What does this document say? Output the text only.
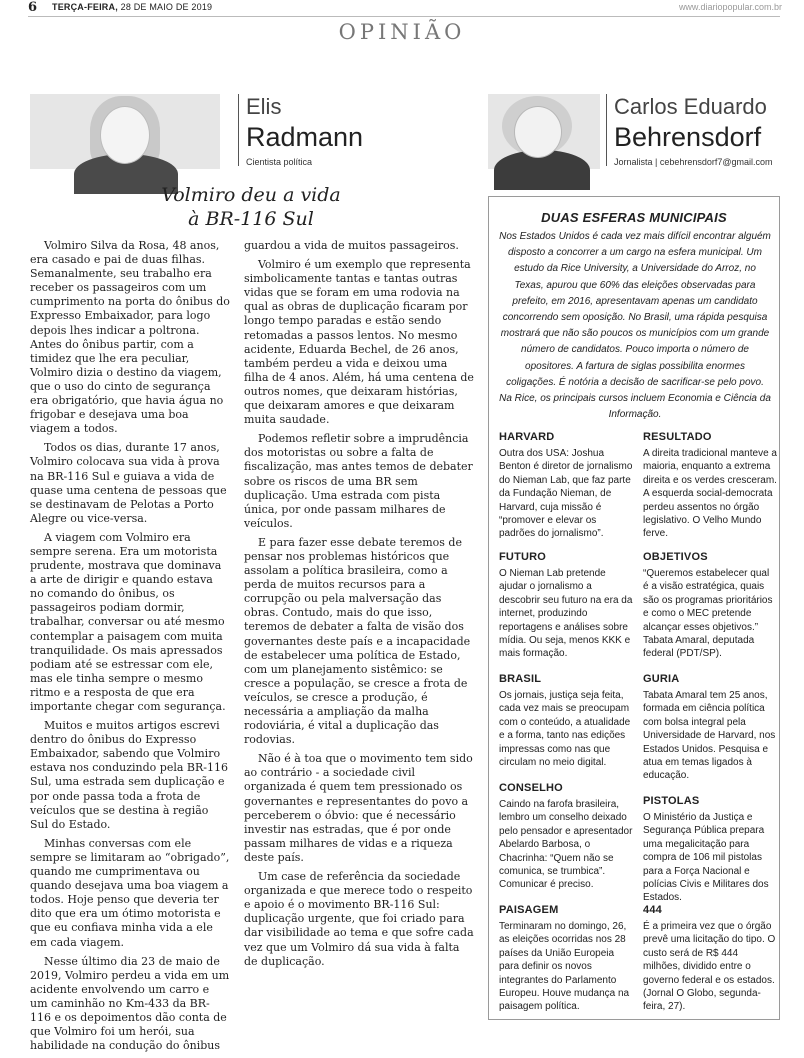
6 TERÇA-FEIRA, 28 DE MAIO DE 2019	www.diariopopular.com.br
OPINIÃO
Elis
Radmann
Cientista política
Carlos Eduardo
Behrensdorf
Jornalista | cebehrensdorf7@gmail.com
Volmiro deu a vida
à BR-116 Sul

Volmiro Silva da Rosa, 48 anos, era casado e pai de duas filhas. Semanalmente, seu trabalho era receber os passageiros com um cumprimento na porta do ônibus do Expresso Embaixador, para logo depois lhes indicar a poltrona. Antes do ônibus partir, com a timidez que lhe era peculiar, Volmiro dizia o destino da viagem, que o uso do cinto de segurança era obrigatório, que havia água no frigobar e desejava uma boa viagem a todos.

Todos os dias, durante 17 anos, Volmiro colocava sua vida à prova na BR-116 Sul e guiava a vida de quase uma centena de pessoas que se destinavam de Pelotas a Porto Alegre ou vice-versa.

A viagem com Volmiro era sempre serena. Era um motorista prudente, mostrava que dominava a arte de dirigir e quando estava no comando do ônibus, os passageiros podiam dormir, trabalhar, conversar ou até mesmo contemplar a paisagem com muita tranquilidade. Os mais apressados podiam até se estressar com ele, mas ele tinha sempre o mesmo ritmo e a resposta de que era importante chegar com segurança.

Muitos e muitos artigos escrevi dentro do ônibus do Expresso Embaixador, sabendo que Volmiro estava nos conduzindo pela BR-116 Sul, uma estrada sem duplicação e por onde passa toda a frota de veículos que se destina à região Sul do Estado.

Minhas conversas com ele sempre se limitaram ao “obrigado”, quando me cumprimentava ou quando desejava uma boa viagem a todos. Hoje penso que deveria ter dito que era um ótimo motorista e que eu confiava minha vida a ele em cada viagem.

Nesse último dia 23 de maio de 2019, Volmiro perdeu a vida em um acidente envolvendo um carro e um caminhão no Km-433 da BR-116 e os depoimentos dão conta de que Volmiro foi um herói, sua habilidade na condução do ônibus

guardou a vida de muitos passageiros.

Volmiro é um exemplo que representa simbolicamente tantas e tantas outras vidas que se foram em uma rodovia na qual as obras de duplicação ficaram por longo tempo paradas e estão sendo retomadas a passos lentos. No mesmo acidente, Eduarda Bechel, de 26 anos, também perdeu a vida e deixou uma filha de 4 anos. Além, há uma centena de outros nomes, que deixaram histórias, que deixaram amores e que deixaram muita saudade.

Podemos refletir sobre a imprudência dos motoristas ou sobre a falta de fiscalização, mas antes temos de debater sobre os riscos de uma BR sem duplicação. Uma estrada com pista única, por onde passam milhares de veículos.

E para fazer esse debate teremos de pensar nos problemas históricos que assolam a política brasileira, como a perda de muitos recursos para a corrupção ou pela malversação das obras. Contudo, mais do que isso, teremos de debater a falta de visão dos governantes deste país e a incapacidade de estabelecer uma política de Estado, com um planejamento sistêmico: se cresce a população, se cresce a frota de veículos, se cresce a produção, é necessária a ampliação da malha rodoviária, é vital a duplicação das rodovias.

Não é à toa que o movimento tem sido ao contrário - a sociedade civil organizada é quem tem pressionado os governantes e representantes do povo a perceberem o óbvio: que é necessário investir nas estradas, que é por onde passam milhares de vidas e a riqueza deste país.

Um case de referência da sociedade organizada e que merece todo o respeito e apoio é o movimento BR-116 Sul: duplicação urgente, que foi criado para dar visibilidade ao tema e que sofre cada vez que um Volmiro dá sua vida à falta de duplicação.

DUAS ESFERAS MUNICIPAIS
Nos Estados Unidos é cada vez mais difícil encontrar alguém disposto a concorrer a um cargo na esfera municipal. Um estudo da Rice University, a Universidade do Arroz, no Texas, apurou que 60% das eleições observadas para prefeito, em 2016, apresentavam apenas um candidato concorrendo sem oposição. No Brasil, uma rápida pesquisa mostrará que não são poucos os municípios com um grande número de candidatos. Pouco importa o número de opositores. A fartura de siglas possibilita enormes coligações. É notória a decisão de sacrificar-se pelo povo. Na Rice, os principais cursos incluem Economia e Ciência da Informação.
HARVARD
Outra dos USA: Joshua Benton é diretor de jornalismo do Nieman Lab, que faz parte da Fundação Nieman, de Harvard, cuja missão é “promover e elevar os padrões do jornalismo”.
FUTURO
O Nieman Lab pretende ajudar o jornalismo a descobrir seu futuro na era da internet, produzindo reportagens e análises sobre mídia. Ou seja, menos KKK e mais formação.
BRASIL
Os jornais, justiça seja feita, cada vez mais se preocupam com o conteúdo, a atualidade e a forma, tanto nas edições impressas como nas que circulam no meio digital.
CONSELHO
Caindo na farofa brasileira, lembro um conselho deixado pelo pensador e apresentador Abelardo Barbosa, o Chacrinha: “Quem não se comunica, se trumbica”. Comunicar é preciso.
PAISAGEM
Terminaram no domingo, 26, as eleições ocorridas nos 28 países da União Europeia para definir os novos integrantes do Parlamento Europeu. Houve mudança na paisagem política.
RESULTADO
A direita tradicional manteve a maioria, enquanto a extrema direita e os verdes cresceram. A esquerda social-democrata perdeu assentos no órgão legislativo. O Velho Mundo ferve.
OBJETIVOS
“Queremos estabelecer qual é a visão estratégica, quais são os programas prioritários e como o MEC pretende alcançar esses objetivos.” Tabata Amaral, deputada federal (PDT/SP).
GURIA
Tabata Amaral tem 25 anos, formada em ciência política com bolsa integral pela Universidade de Harvard, nos Estados Unidos. Pesquisa e atua em temas ligados à educação.
PISTOLAS
O Ministério da Justiça e Segurança Pública prepara uma megalicitação para compra de 106 mil pistolas para a Força Nacional e polícias Civis e Militares dos Estados.
444
É a primeira vez que o órgão prevê uma licitação do tipo. O custo será de R$ 444 milhões, dividido entre o governo federal e os estados. (Jornal O Globo, segunda-feira, 27).
